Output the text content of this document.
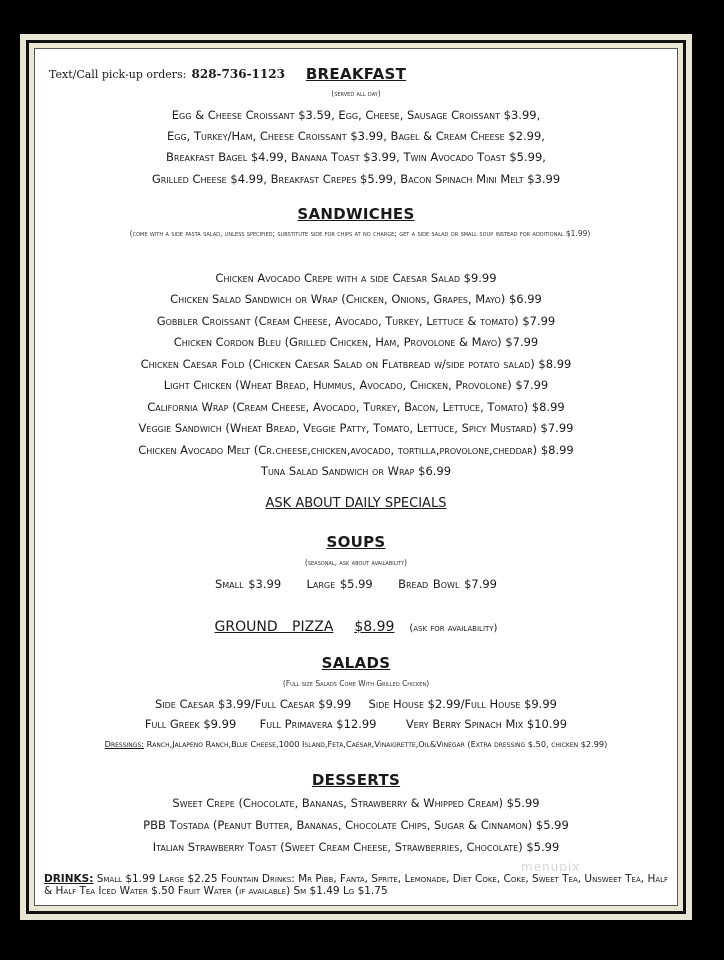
Text/Call pick-up orders: 828-736-1123	BREAKFAST
(served all day)
Egg & Cheese Croissant $3.59, Egg, Cheese, Sausage Croissant $3.99,
Egg, Turkey/Ham, Cheese Croissant $3.99, Bagel & Cream Cheese $2.99,
Breakfast Bagel $4.99, Banana Toast $3.99, Twin Avocado Toast $5.99,
Grilled Cheese $4.99, Breakfast Crepes $5.99, Bacon Spinach Mini Melt $3.99
SANDWICHES
(come with a side pasta salad, unless specified; substitute side for chips at no charge; get a side salad or small soup instead for additional $1.99)
Chicken Avocado Crepe with a side Caesar Salad $9.99
Chicken Salad Sandwich or Wrap (Chicken, Onions, Grapes, Mayo) $6.99
Gobbler Croissant (Cream Cheese, Avocado, Turkey, Lettuce & tomato) $7.99
Chicken Cordon Bleu (Grilled Chicken, Ham, Provolone & Mayo) $7.99
Chicken Caesar Fold (Chicken Caesar Salad on Flatbread w/side potato salad) $8.99
Light Chicken (Wheat Bread, Hummus, Avocado, Chicken, Provolone) $7.99
California Wrap (Cream Cheese, Avocado, Turkey, Bacon, Lettuce, Tomato) $8.99
Veggie Sandwich (Wheat Bread, Veggie Patty, Tomato, Lettuce, Spicy Mustard) $7.99
Chicken Avocado Melt (Cr.cheese,chicken,avocado, tortilla,provolone,cheddar) $8.99
Tuna Salad Sandwich or Wrap $6.99
ASK ABOUT DAILY SPECIALS
SOUPS
(seasonal, ask about availability)
Small $3.99 Large $5.99 Bread Bowl $7.99
GROUND PIZZA $8.99 (ask for availability)
SALADS
(Full size Salads Come With Grilled Chicken)
Side Caesar $3.99/Full Caesar $9.99 Side House $2.99/Full House $9.99
Full Greek $9.99 Full Primavera $12.99	Very Berry Spinach Mix $10.99
Dressings: Ranch,Jalapeno Ranch,Blue Cheese,1000 Island,Feta,Caesar,Vinaigrette,Oil&Vinegar (Extra dressing $.50, chicken $2.99)
DESSERTS
Sweet Crepe (Chocolate, Bananas, Strawberry & Whipped Cream) $5.99
PBB Tostada (Peanut Butter, Bananas, Chocolate Chips, Sugar & Cinnamon) $5.99
Italian Strawberry Toast (Sweet Cream Cheese, Strawberries, Chocolate) $5.99
DRINKS: Small $1.99 Large $2.25 Fountain Drinks: Mr Pibb, Fanta, Sprite, Lemonade, Diet Coke, Coke, Sweet Tea, Unsweet Tea, Half & Half Tea Iced Water $.50 Fruit Water (if available) Sm $1.49 Lg $1.75
menupix
